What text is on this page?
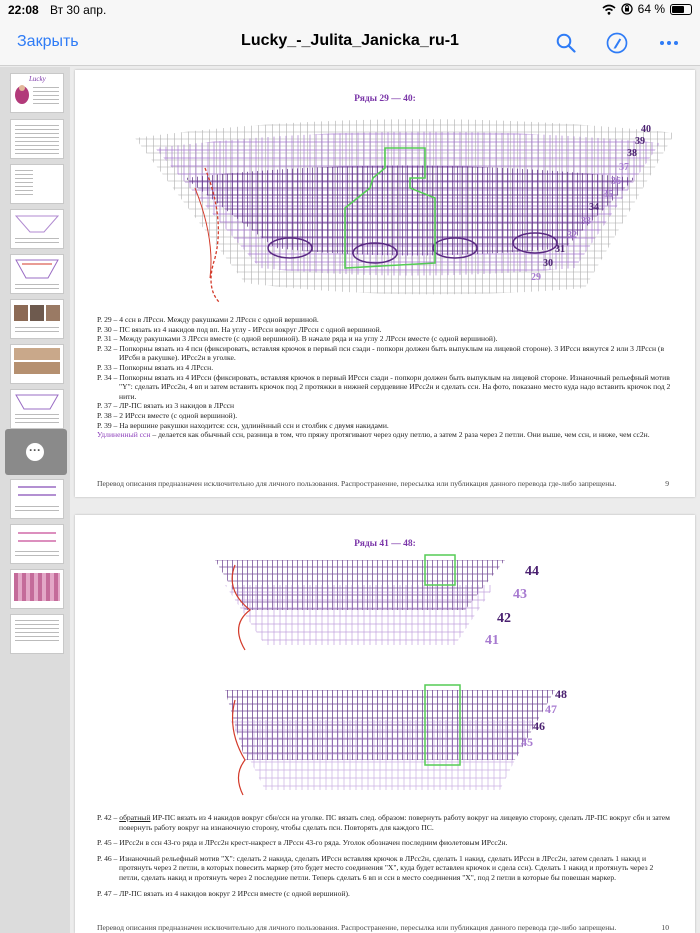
22:08 Вт 30 апр.	64 %
Закрыть	Lucky_-_Julita_Janicka_ru-1
Lucky
···
Ряды 29 — 40:
40
39
38
37
36
35
34
33
32
31
30
29

Р. 29 – 4 ссн в ЛРссн. Между ракушками 2 ЛРссн с одной вершиной.

Р. 30 – ПС вязать из 4 накидов под вп. На углу - ИРссн вокруг ЛРссн с одной вершиной.

Р. 31 – Между ракушками 3 ЛРссн вместе (с одной вершиной). В начале ряда и на углу 2 ЛРссн вместе (с одной вершиной).

Р. 32 – Попкорны вязать из 4 псн (фиксировать, вставляя крючок в первый псн сзади - попкорн должен быть выпуклым на лицевой стороне). 3 ИРссн вяжутся 2 или 3 ЛРссн (в ИРсбн в ракушке). ИРсс2н в уголке.

Р. 33 – Попкорны вязать из 4 ЛРссн.

Р. 34 – Попкорны вязать из 4 ИРссн (фиксировать, вставляя крючок в первый ИРссн сзади - попкорн должен быть выпуклым на лицевой стороне. Изнаночный рельефный мотив "Y": сделать ИРсс2н, 4 вп и затем вставить крючок под 2 протяжки в нижней сердцевине ИРсс2н и сделать ссн. На фото, показано место куда надо вставить крючок под 2 нити.

Р. 37 – ЛР-ПС вязать из 3 накидов в ЛРссн

Р. 38 – 2 ИРссн вместе (с одной вершиной).

Р. 39 – На вершине ракушки находится: ссн, удлинённый ссн и столбик с двумя накидами.

Удлиненный ссн – делается как обычный ссн, разница в том, что пряжу протягивают через одну петлю, а затем 2 раза через 2 петли. Они выше, чем ссн, и ниже, чем сс2н.

Перевод описания предназначен исключительно для личного пользования. Распространение, пересылка или публикация данного перевода где-либо запрещены.	9
Ряды 41 — 48:
44
43
42
41
48
47
46
45

Р. 42 – обратный ИР-ПС вязать из 4 накидов вокруг сбн/ссн на уголке. ПС вязать след. образом: повернуть работу вокруг на лицевую сторону, сделать ЛР-ПС вокруг сбн и затем повернуть работу вокруг на изнаночную сторону, чтобы сделать псн. Повторять для каждого ПС.

Р. 45 – ИРсс2н в ссн 43-го ряда и ЛРсс2н крест-накрест в ЛРссн 43-го ряда. Уголок обозначен последним фиолетовым ИРсс2н.

Р. 46 – Изнаночный рельефный мотив "X": сделать 2 накида, сделать ИРссн вставляя крючок в ЛРсс2н, сделать 1 накид, сделать ИРссн в ЛРсс2н, затем сделать 1 накид и протянуть через 2 петли, в которых повесить маркер (это будет место соединения "X", куда будет вставлен крючок и сдела ссн). Сделать 1 накид и протянуть через 2 петли, сделать накид и протянуть через 2 последние петли. Теперь сделать 6 вп и ссн в место соединения "X", под 2 петли в которые бы повешан маркер.

Р. 47 – ЛР-ПС вязать из 4 накидов вокруг 2 ИРссн вместе (с одной вершиной).

Перевод описания предназначен исключительно для личного пользования. Распространение, пересылка или публикация данного перевода где-либо запрещены.	10
